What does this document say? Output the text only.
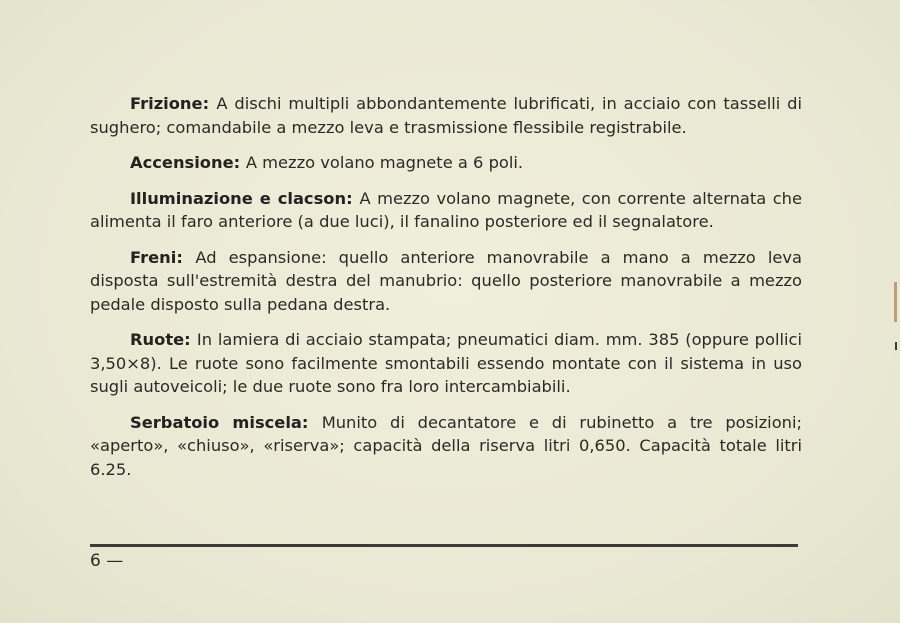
Frizione: A dischi multipli abbondantemente lubrificati, in acciaio con tasselli di sughero; comandabile a mezzo leva e trasmissione flessibile registrabile.

Accensione: A mezzo volano magnete a 6 poli.

Illuminazione e clacson: A mezzo volano magnete, con corrente alternata che alimenta il faro anteriore (a due luci), il fanalino posteriore ed il segnalatore.

Freni: Ad espansione: quello anteriore manovrabile a mano a mezzo leva disposta sull'estremità destra del manubrio: quello posteriore manovrabile a mezzo pedale disposto sulla pedana destra.

Ruote: In lamiera di acciaio stampata; pneumatici diam. mm. 385 (oppure pollici 3,50×8). Le ruote sono facilmente smontabili essendo montate con il sistema in uso sugli autoveicoli; le due ruote sono fra loro intercambiabili.

Serbatoio miscela: Munito di decantatore e di rubinetto a tre posizioni; «aperto», «chiuso», «riserva»; capacità della riserva litri 0,650. Capacità totale litri 6.25.

6 —
